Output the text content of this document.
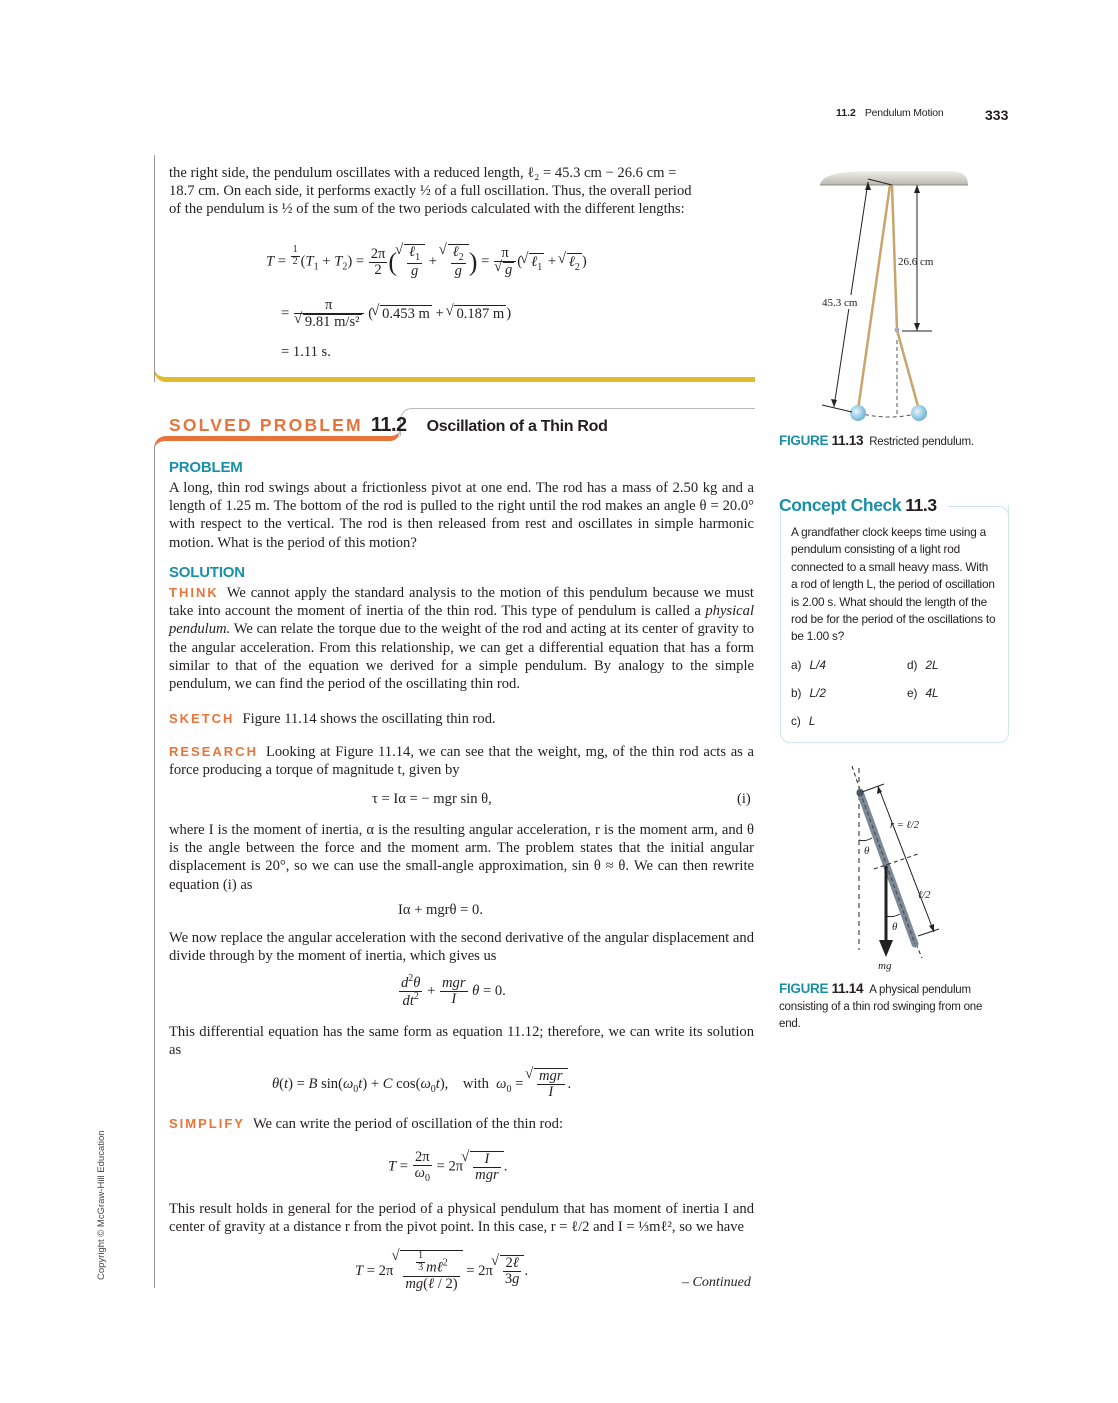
11.2 Pendulum Motion	333
Copyright © McGraw-Hill Education
the right side, the pendulum oscillates with a reduced length, ℓ₂ = 45.3 cm − 26.6 cm =
18.7 cm. On each side, it performs exactly ½ of a full oscillation. Thus, the overall period
of the pendulum is ½ of the sum of the two periods calculated with the different lengths:
$T = \frac{1}{2} (T_1 + T_2) = \frac{2\pi}{2}$ ( √ $\frac{\ell_1}{g}$ + √ $\frac{\ell_2}{g}$ ) = π
√ g ( √ ℓ$_1$ + √ ℓ$_2$ )
= π
√ 9.81 m/s² ( √ 0.453 m + √ 0.187 m )
= 1.11 s.
SOLVED PROBLEM 11.2 Oscillation of a Thin Rod
PROBLEM
A long, thin rod swings about a frictionless pivot at one end. The rod has a mass of 2.50 kg and a length of 1.25 m. The bottom of the rod is pulled to the right until the rod makes an angle θ = 20.0° with respect to the vertical. The rod is then released from rest and oscillates in simple harmonic motion. What is the period of this motion?
SOLUTION
THINK We cannot apply the standard analysis to the motion of this pendulum because we must take into account the moment of inertia of the thin rod. This type of pendulum is called a physical pendulum. We can relate the torque due to the weight of the rod and acting at its center of gravity to the angular acceleration. From this relationship, we can get a differential equation that has a form similar to that of the equation we derived for a simple pendulum. By analogy to the simple pendulum, we can find the period of the oscillating thin rod.
SKETCH Figure 11.14 shows the oscillating thin rod.
RESEARCH Looking at Figure 11.14, we can see that the weight, mg, of the thin rod acts as a force producing a torque of magnitude t, given by
τ = Iα = − mgr sin θ,	(i)
where I is the moment of inertia, α is the resulting angular acceleration, r is the moment arm, and θ is the angle between the force and the moment arm. The problem states that the initial angular displacement is 20°, so we can use the small-angle approximation, sin θ ≈ θ. We can then rewrite equation (i) as
Iα + mgrθ = 0.
We now replace the angular acceleration with the second derivative of the angular displacement and divide through by the moment of inertia, which gives us
$\frac{d^2\theta}{dt^2} + \frac{\text{mgr}}{I}$ θ = 0.
This differential equation has the same form as equation 11.12; therefore, we can write its solution as
θ(t) = B $\sin(\omega_0t) + C$ $\cos(\omega_0t)$,    with  $\omega_0$ = √ $\frac{\text{mgr}}{I}$ .
SIMPLIFY We can write the period of oscillation of the thin rod:
$T = \frac{2\pi}{\omega_0} = 2\pi$ √ $\frac{I}{\text{mgr}}$ .
This result holds in general for the period of a physical pendulum that has moment of inertia I and center of gravity at a distance r from the pivot point. In this case, r = ℓ/2 and I = ⅓mℓ², so we have
T = 2π √ $\frac{\frac{1}{3} m\ell^2}{\text{mg(ℓ / 2)}} = 2\pi$ √ $\frac{\text{2ℓ}}{3g}$ .
– Continued
45.3 cm
26.6 cm
FIGURE 11.13 Restricted pendulum.
Concept Check 11.3
A grandfather clock keeps time using a pendulum consisting of a light rod connected to a small heavy mass. With a rod of length L, the period of oscillation is 2.00 s. What should the length of the rod be for the period of the oscillations to be 1.00 s?
a) L/4
b) L/2
c) L
d) 2L
e) 4L
θ
θ
r = ℓ/2
ℓ/2
mg
FIGURE 11.14 A physical pendulum consisting of a thin rod swinging from one end.
